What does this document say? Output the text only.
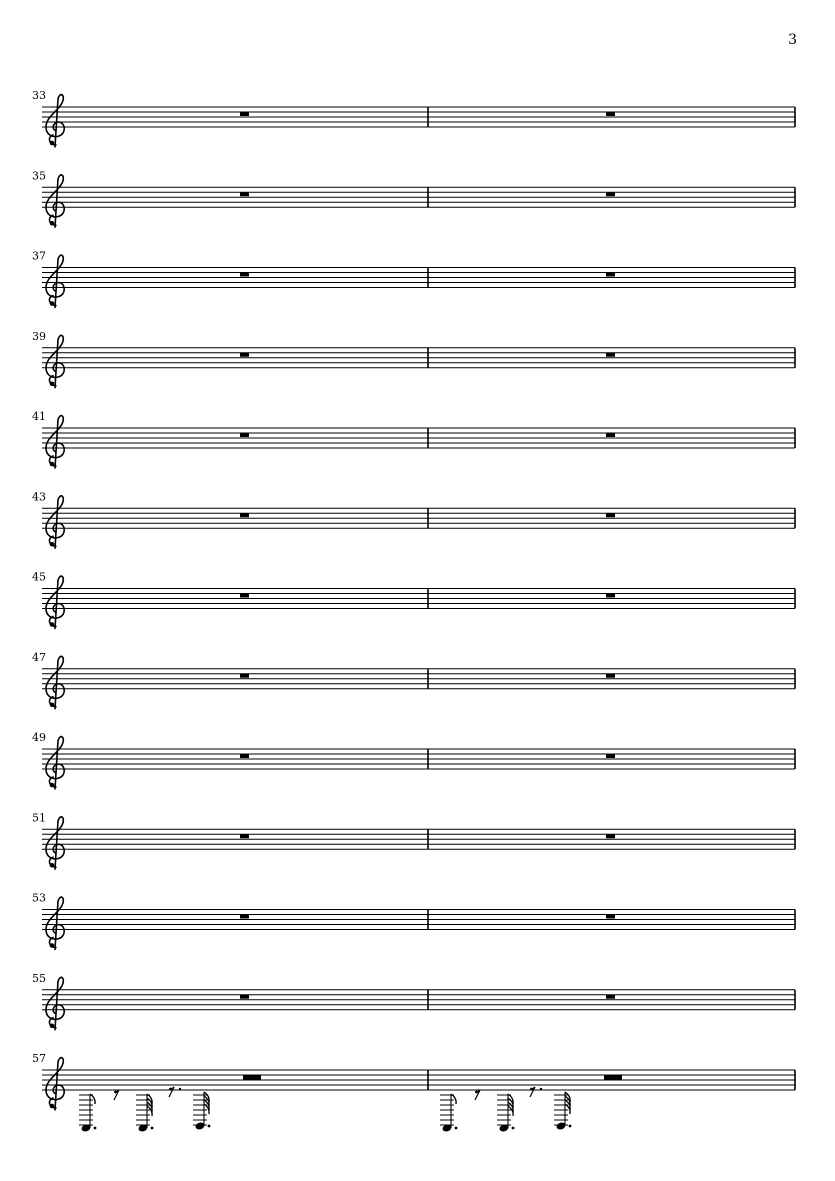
3
33
35
37
39
41
43
45
47
49
51
53
55
57
